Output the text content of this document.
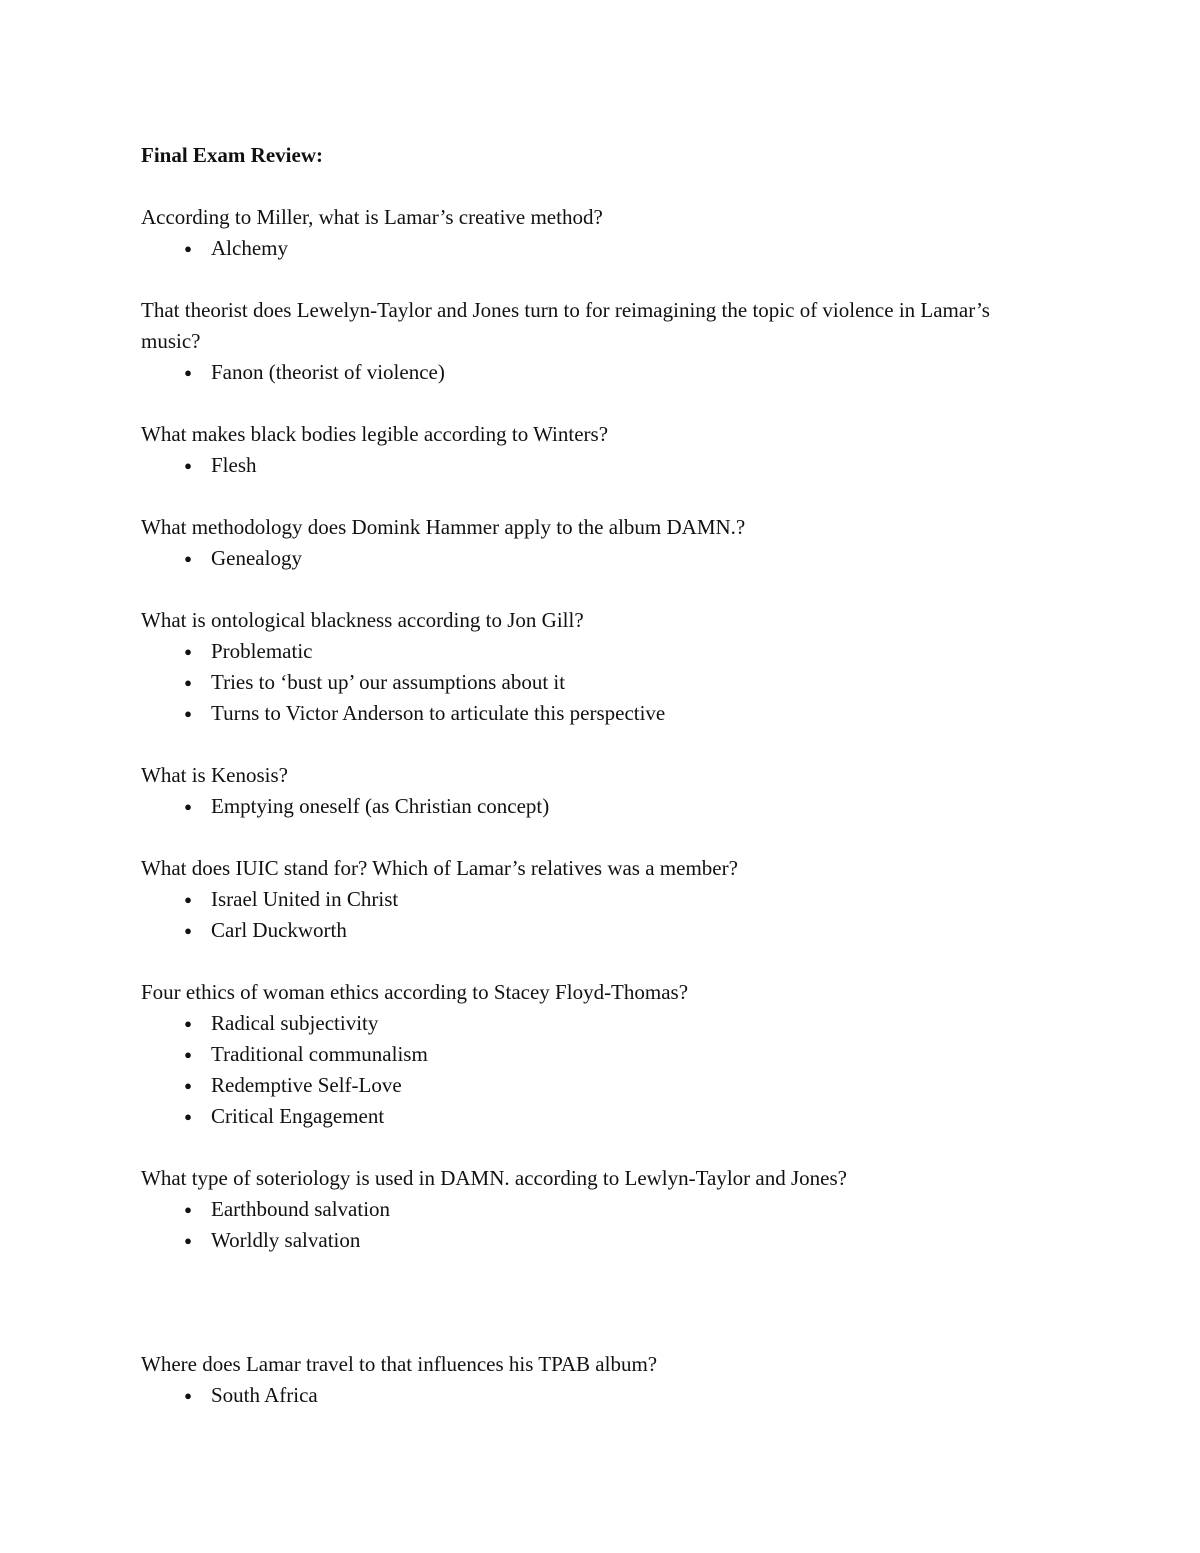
Final Exam Review:

According to Miller, what is Lamar’s creative method?

● Alchemy

That theorist does Lewelyn-Taylor and Jones turn to for reimagining the topic of violence in Lamar’s music?

● Fanon (theorist of violence)

What makes black bodies legible according to Winters?

● Flesh

What methodology does Domink Hammer apply to the album DAMN.?

● Genealogy

What is ontological blackness according to Jon Gill?

● Problematic
● Tries to ‘bust up’ our assumptions about it
● Turns to Victor Anderson to articulate this perspective

What is Kenosis?

● Emptying oneself (as Christian concept)

What does IUIC stand for? Which of Lamar’s relatives was a member?

● Israel United in Christ
● Carl Duckworth

Four ethics of woman ethics according to Stacey Floyd-Thomas?

● Radical subjectivity
● Traditional communalism
● Redemptive Self-Love
● Critical Engagement

What type of soteriology is used in DAMN. according to Lewlyn-Taylor and Jones?

● Earthbound salvation
● Worldly salvation

Where does Lamar travel to that influences his TPAB album?

● South Africa
